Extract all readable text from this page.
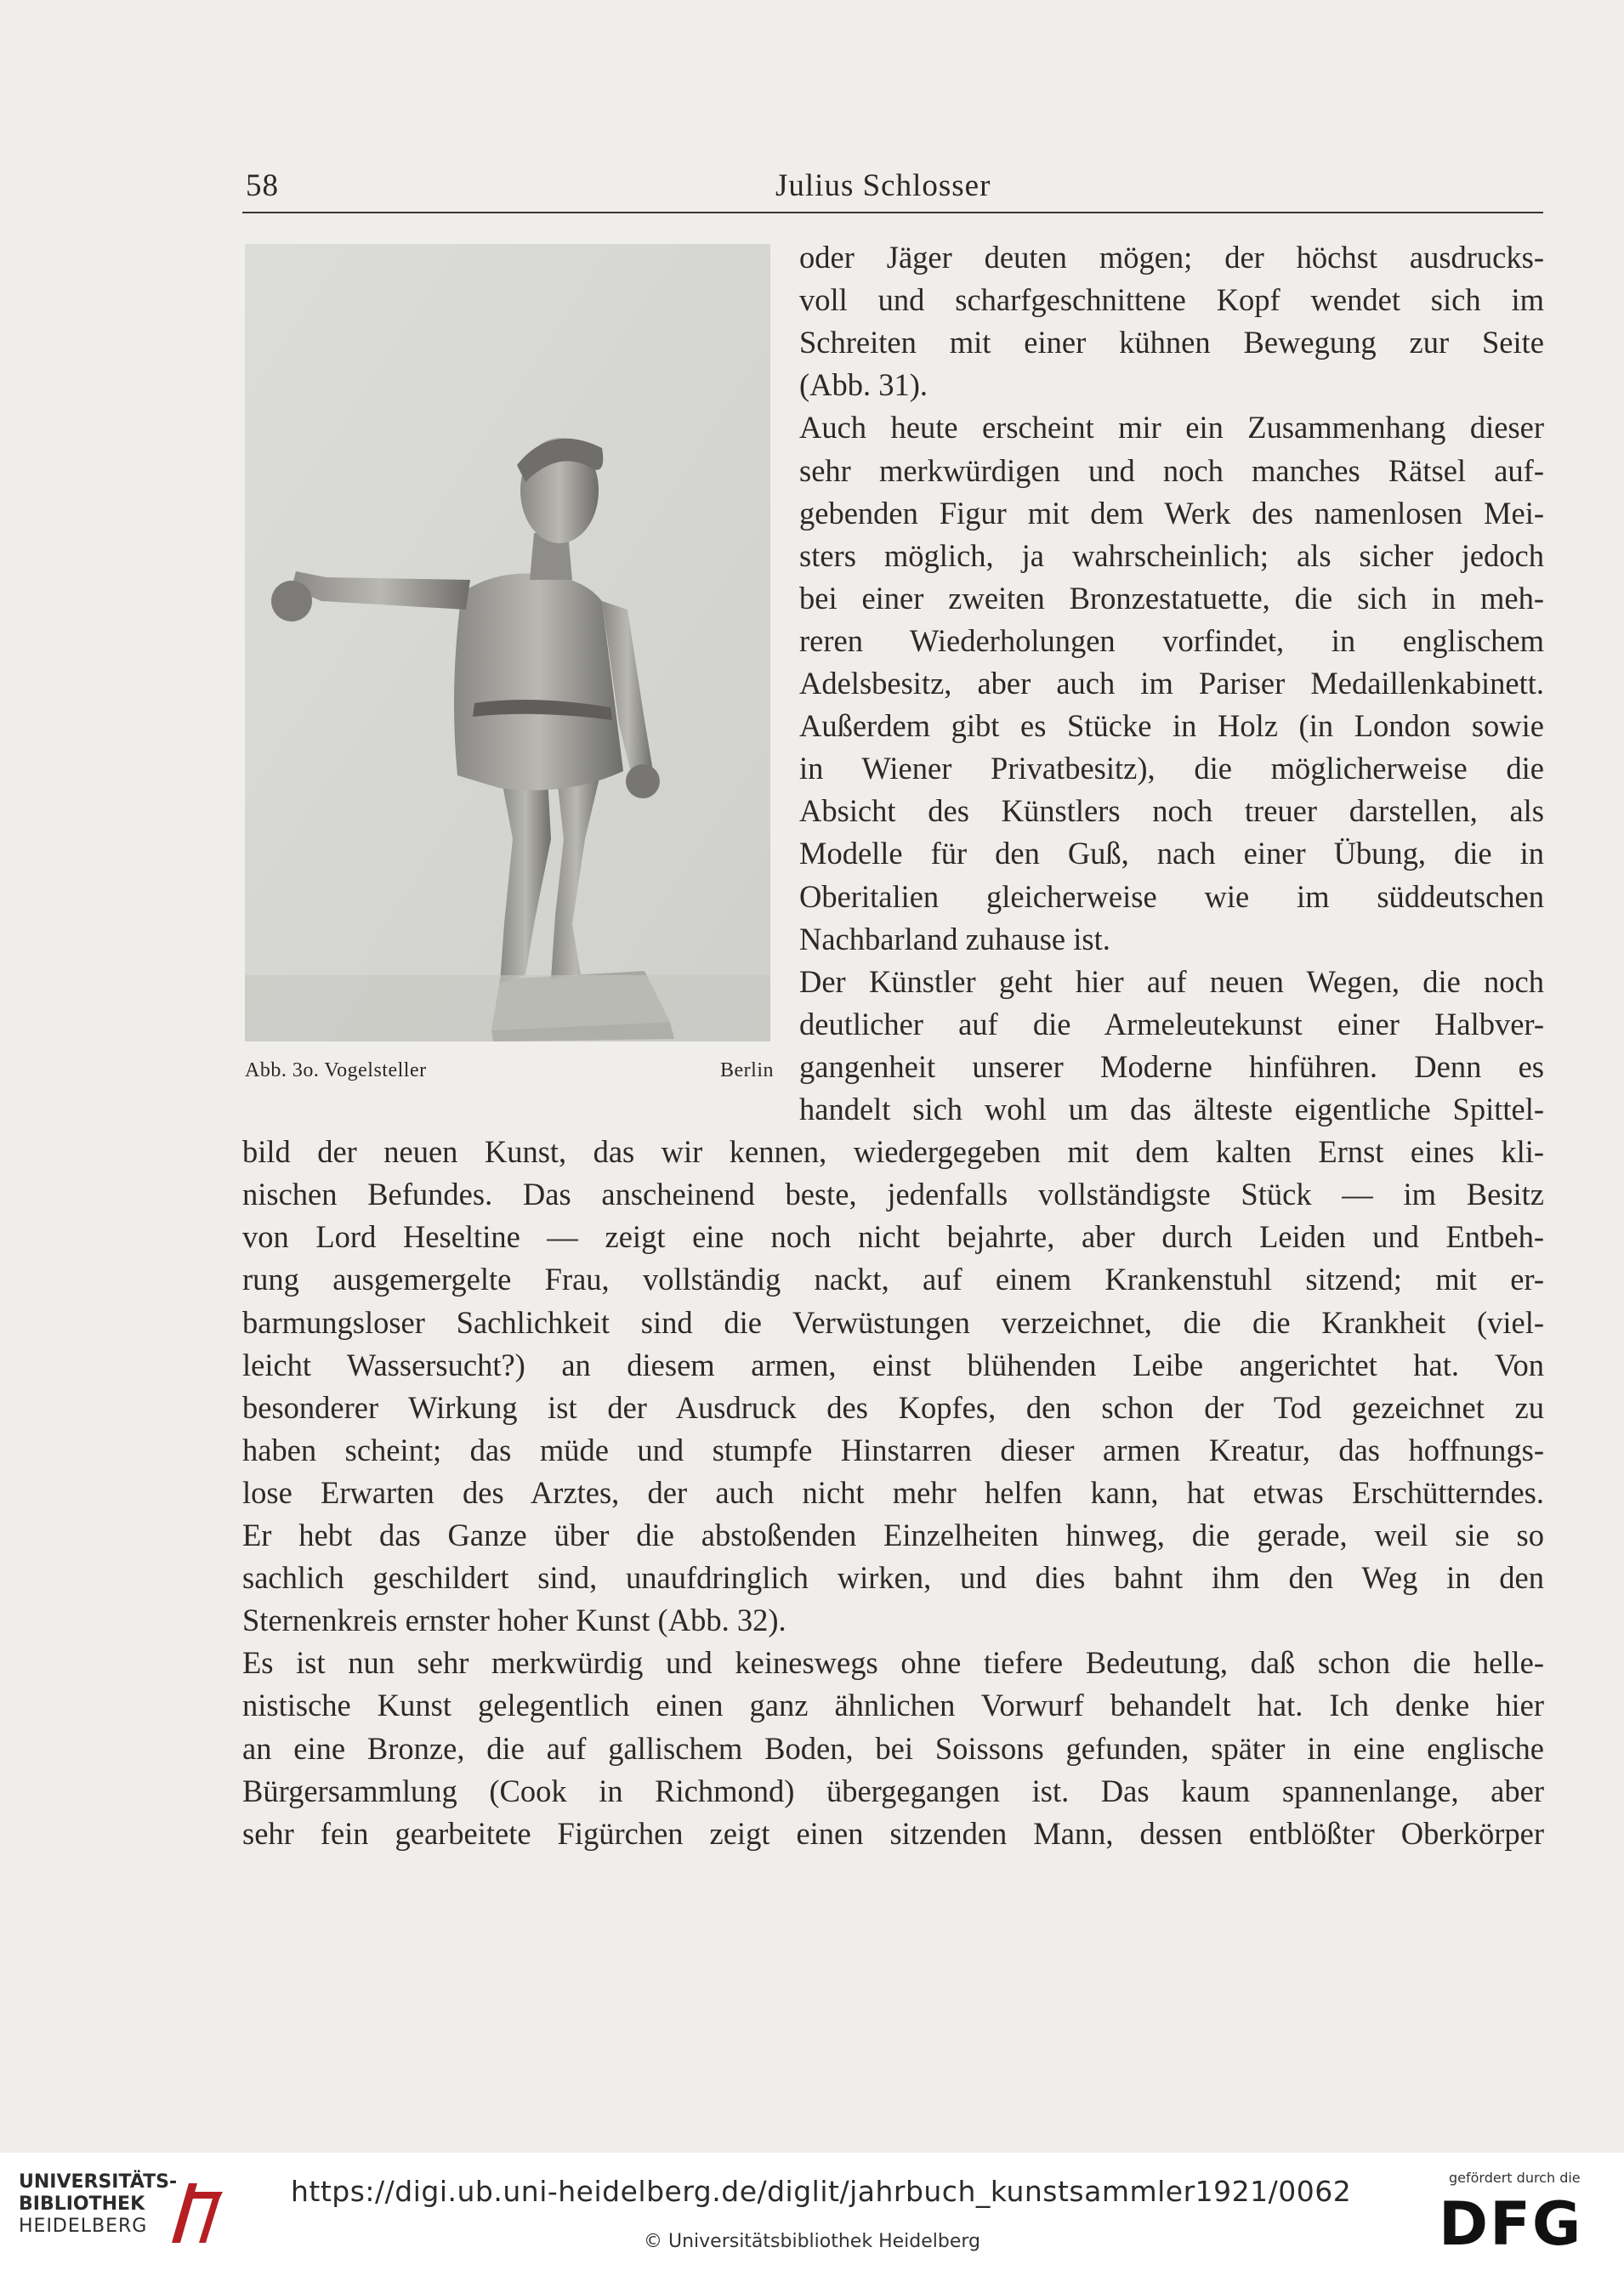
58	Julius Schlosser
Abb. 3o. Vogelsteller	Berlin
oder Jäger deuten mögen; der höchst ausdrucks-
voll und scharfgeschnittene Kopf wendet sich im
Schreiten mit einer kühnen Bewegung zur Seite
(Abb. 31).
Auch heute erscheint mir ein Zusammenhang dieser
sehr merkwürdigen und noch manches Rätsel auf-
gebenden Figur mit dem Werk des namenlosen Mei-
sters möglich, ja wahrscheinlich; als sicher jedoch
bei einer zweiten Bronzestatuette, die sich in meh-
reren Wiederholungen vorfindet, in englischem
Adelsbesitz, aber auch im Pariser Medaillenkabinett.
Außerdem gibt es Stücke in Holz (in London sowie
in Wiener Privatbesitz), die möglicherweise die
Absicht des Künstlers noch treuer darstellen, als
Modelle für den Guß, nach einer Übung, die in
Oberitalien gleicherweise wie im süddeutschen
Nachbarland zuhause ist.
Der Künstler geht hier auf neuen Wegen, die noch
deutlicher auf die Armeleutekunst einer Halbver-
gangenheit unserer Moderne hinführen. Denn es
handelt sich wohl um das älteste eigentliche Spittel-
bild der neuen Kunst, das wir kennen, wiedergegeben mit dem kalten Ernst eines kli-
nischen Befundes. Das anscheinend beste, jedenfalls vollständigste Stück — im Besitz
von Lord Heseltine — zeigt eine noch nicht bejahrte, aber durch Leiden und Entbeh-
rung ausgemergelte Frau, vollständig nackt, auf einem Krankenstuhl sitzend; mit er-
barmungsloser Sachlichkeit sind die Verwüstungen verzeichnet, die die Krankheit (viel-
leicht Wassersucht?) an diesem armen, einst blühenden Leibe angerichtet hat. Von
besonderer Wirkung ist der Ausdruck des Kopfes, den schon der Tod gezeichnet zu
haben scheint; das müde und stumpfe Hinstarren dieser armen Kreatur, das hoffnungs-
lose Erwarten des Arztes, der auch nicht mehr helfen kann, hat etwas Erschütterndes.
Er hebt das Ganze über die abstoßenden Einzelheiten hinweg, die gerade, weil sie so
sachlich geschildert sind, unaufdringlich wirken, und dies bahnt ihm den Weg in den
Sternenkreis ernster hoher Kunst (Abb. 32).
Es ist nun sehr merkwürdig und keineswegs ohne tiefere Bedeutung, daß schon die helle-
nistische Kunst gelegentlich einen ganz ähnlichen Vorwurf behandelt hat. Ich denke hier
an eine Bronze, die auf gallischem Boden, bei Soissons gefunden, später in eine englische
Bürgersammlung (Cook in Richmond) übergegangen ist. Das kaum spannenlange, aber
sehr fein gearbeitete Figürchen zeigt einen sitzenden Mann, dessen entblößter Oberkörper
UNIVERSITÄTS-
BIBLIOTHEK
HEIDELBERG
https://digi.ub.uni-heidelberg.de/diglit/jahrbuch_kunstsammler1921/0062
© Universitätsbibliothek Heidelberg
gefördert durch die
DFG
